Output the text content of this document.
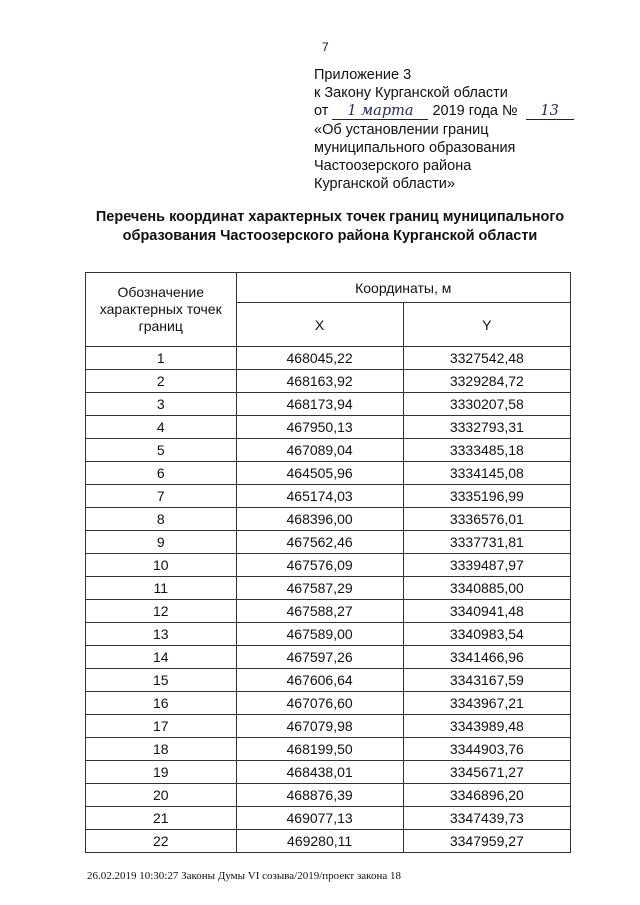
7
Приложение 3
к Закону Курганской области
от 1 марта 2019 года № 13
«Об установлении границ
муниципального образования
Частоозерского района
Курганской области»
Перечень координат характерных точек границ муниципального
образования Частоозерского района Курганской области
Обозначение характерных точек границ	Координаты, м	
	X	Y
1	468045,22	3327542,48
2	468163,92	3329284,72
3	468173,94	3330207,58
4	467950,13	3332793,31
5	467089,04	3333485,18
6	464505,96	3334145,08
7	465174,03	3335196,99
8	468396,00	3336576,01
9	467562,46	3337731,81
10	467576,09	3339487,97
11	467587,29	3340885,00
12	467588,27	3340941,48
13	467589,00	3340983,54
14	467597,26	3341466,96
15	467606,64	3343167,59
16	467076,60	3343967,21
17	467079,98	3343989,48
18	468199,50	3344903,76
19	468438,01	3345671,27
20	468876,39	3346896,20
21	469077,13	3347439,73
22	469280,11	3347959,27
26.02.2019 10:30:27 Законы Думы VI созыва/2019/проект закона 18
